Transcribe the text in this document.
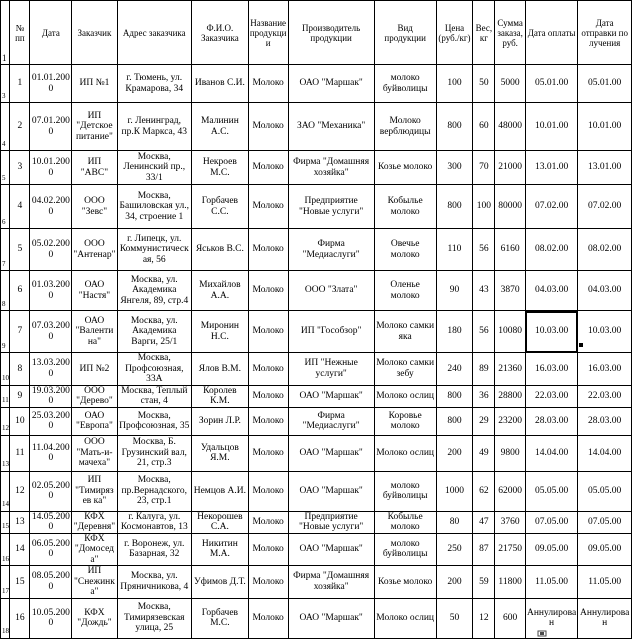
1	№ пп	Дата	Заказчик	Адрес заказчика	Ф.И.О. Заказчика	Название продукции	Производитель продукции	Вид продукции	Цена (руб./кг)	Вес, кг	Сумма заказа, руб.	Дата оплаты	Дата отправки по лучения
3	1	01.01.2000	ИП №1	г. Тюмень, ул. Крамарова, 34	Иванов С.И.	Молоко	ОАО "Маршак"	молоко буйволицы	100	50	5000	05.01.00	05.01.00
4	2	07.01.2000	ИП "Детское питание"	г. Ленинград, пр.К Маркса, 43	Малинин А.С.	Молоко	ЗАО "Механика"	Молоко верблюдицы	800	60	48000	10.01.00	10.01.00
5	3	10.01.2000	ИП "АВС"	Москва, Ленинский пр., 33/1	Некроев М.С.	Молоко	Фирма "Домашняя хозяйка"	Козье молоко	300	70	21000	13.01.00	13.01.00
6	4	04.02.2000	ООО "Зевс"	Москва, Башиловская ул., 34, строение 1	Горбачев С.С.	Молоко	Предприятие "Новые услуги"	Кобылье молоко	800	100	80000	07.02.00	07.02.00
7	5	05.02.2000	ООО "Антенар"	г. Липецк, ул. Коммунистическая, 56	Яськов В.С.	Молоко	Фирма "Медиаслуги"	Овечье молоко	110	56	6160	08.02.00	08.02.00
8	6	01.03.2000	ОАО "Настя"	Москва, ул. Академика Янгеля, 89, стр.4	Михайлов А.А.	Молоко	ООО "Злата"	Оленье молоко	90	43	3870	04.03.00	04.03.00
9	7	07.03.2000	ОАО "Валентина"	Москва, ул. Академика Варги, 25/1	Миронин Н.С.	Молоко	ИП "Гособзор"	Молоко самки яка	180	56	10080	10.03.00	10.03.00
10	8	13.03.2000	ИП №2	Москва, Профсоюзная, 33А	Ялов В.М.	Молоко	ИП "Нежные услуги"	Молоко самки зебу	240	89	21360	16.03.00	16.03.00
11	9	19.03.2000	ООО "Дерево"	Москва, Теплый стан, 4	Королев К.М.	Молоко	ОАО "Маршак"	Молоко ослиц	800	36	28800	22.03.00	22.03.00
12	10	25.03.2000	ОАО "Европа"	Москва, Профсоюзная, 35	Зорин Л.Р.	Молоко	Фирма "Медиаслуги"	Коровье молоко	800	29	23200	28.03.00	28.03.00
13	11	11.04.2000	ООО "Мать-и-мачеха"	Москва, Б. Грузинский вал, 21, стр.3	Удальцов Я.М.	Молоко	ОАО "Маршак"	Молоко ослиц	200	49	9800	14.04.00	14.04.00
14	12	02.05.2000	ИП "Тимирязев ка"	Москва, пр.Вернадского, 23, стр.1	Немцов А.И.	Молоко	ОАО "Маршак"	молоко буйволицы	1000	62	62000	05.05.00	05.05.00
15	13	14.05.2000	КФХ "Деревня"	г. Калуга, ул. Космонавтов, 13	Некорошев С.А.	Молоко	Предприятие "Новые услуги"	Кобылье молоко	80	47	3760	07.05.00	07.05.00
16	14	06.05.2000	КФХ "Домоседа"	г. Воронеж, ул. Базарная, 32	Никитин М.А.	Молоко	ОАО "Маршак"	молоко буйволицы	250	87	21750	09.05.00	09.05.00
17	15	08.05.2000	ИП "Снежинка"	Москва, ул. Пряничникова, 4	Уфимов Д.Т.	Молоко	Фирма "Домашняя хозяйка"	Козье молоко	200	59	11800	11.05.00	11.05.00
18	16	10.05.2000	КФХ "Дождь"	Москва, Тимирязевская улица, 25	Горбачев М.С.	Молоко	ОАО "Маршак"	Молоко ослиц	50	12	600	Аннулирован	Аннулирован
